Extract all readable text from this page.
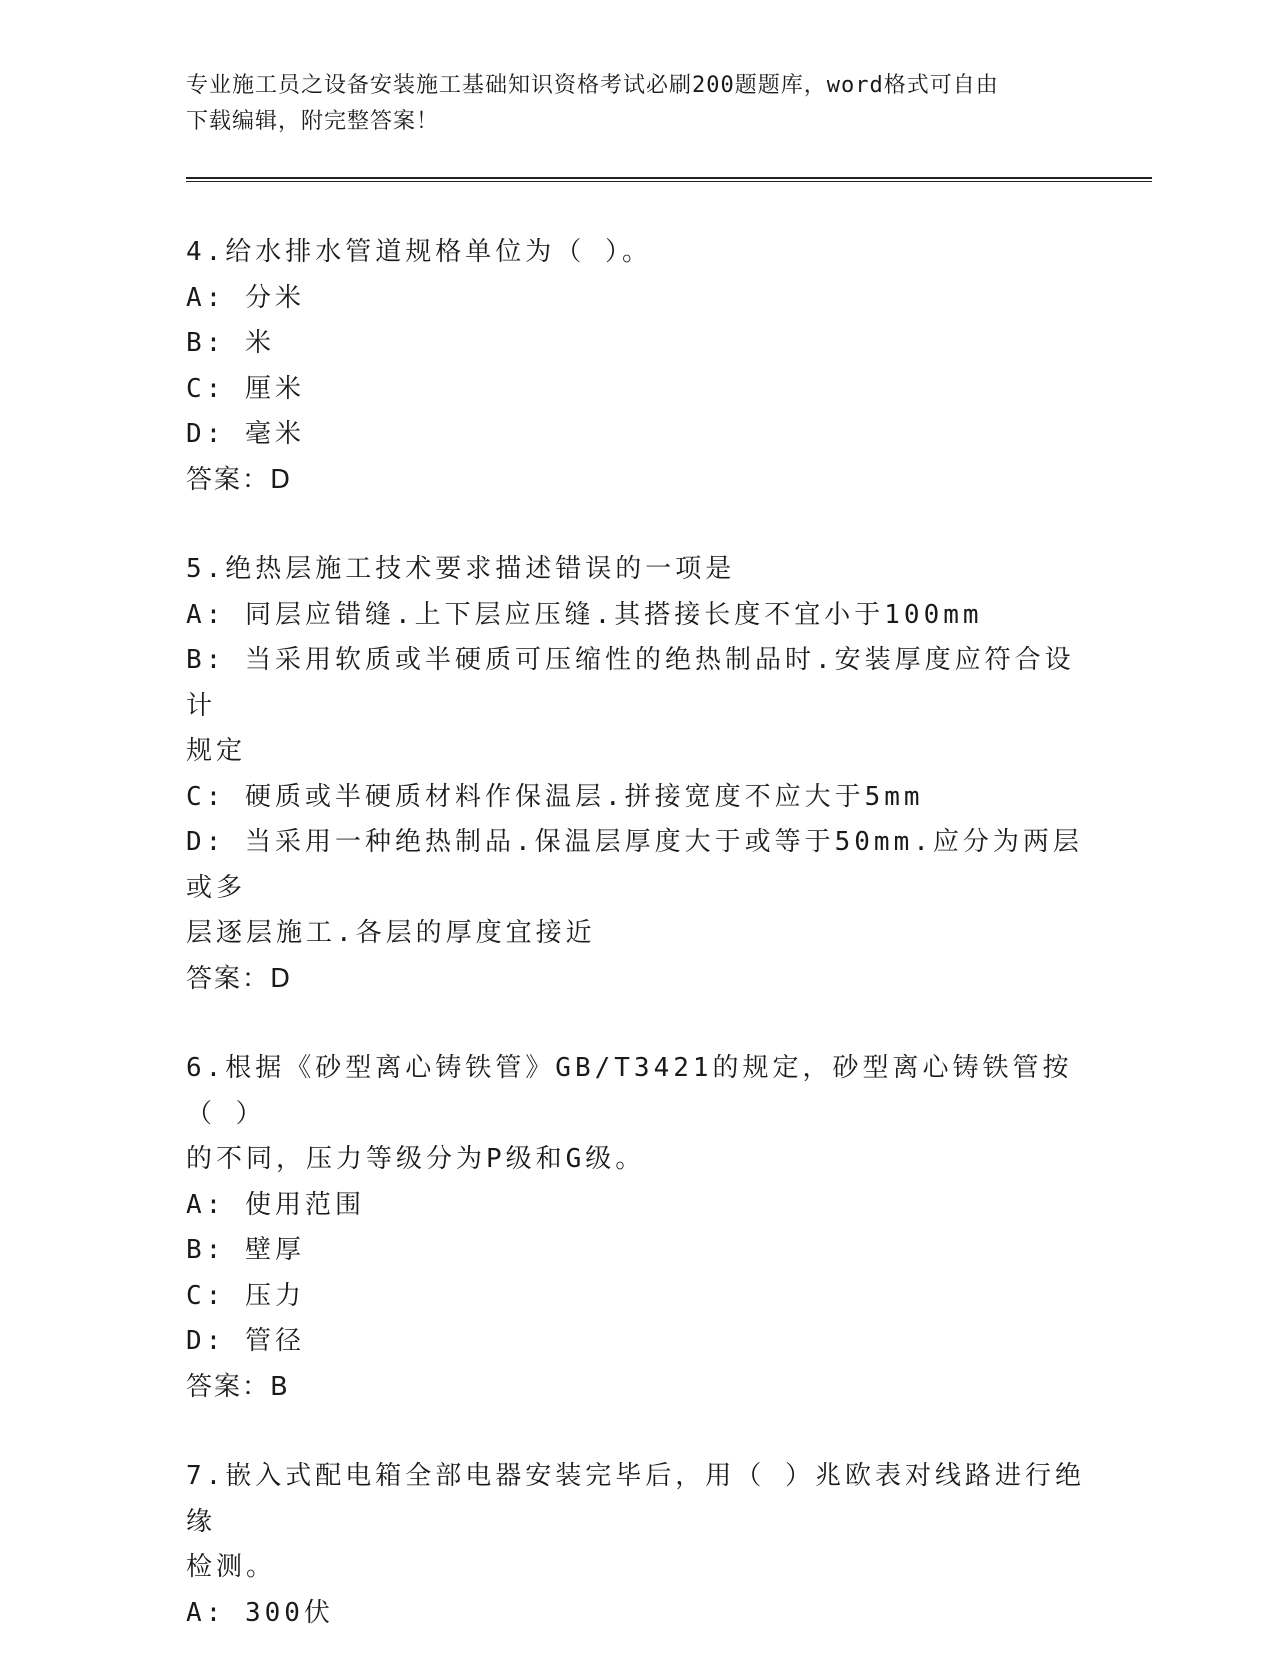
专业施工员之设备安装施工基础知识资格考试必刷200题题库，word格式可自由
下载编辑，附完整答案！
4.给水排水管道规格单位为（ ）。
A: 分米
B: 米
C: 厘米
D: 毫米
答案：D
5.绝热层施工技术要求描述错误的一项是
A: 同层应错缝.上下层应压缝.其搭接长度不宜小于100mm
B: 当采用软质或半硬质可压缩性的绝热制品时.安装厚度应符合设计
规定
C: 硬质或半硬质材料作保温层.拼接宽度不应大于5mm
D: 当采用一种绝热制品.保温层厚度大于或等于50mm.应分为两层或多
层逐层施工.各层的厚度宜接近
答案：D
6.根据《砂型离心铸铁管》GB/T3421的规定，砂型离心铸铁管按（ ）
的不同，压力等级分为P级和G级。
A: 使用范围
B: 壁厚
C: 压力
D: 管径
答案：B
7.嵌入式配电箱全部电器安装完毕后，用（ ）兆欧表对线路进行绝缘
检测。
A: 300伏
